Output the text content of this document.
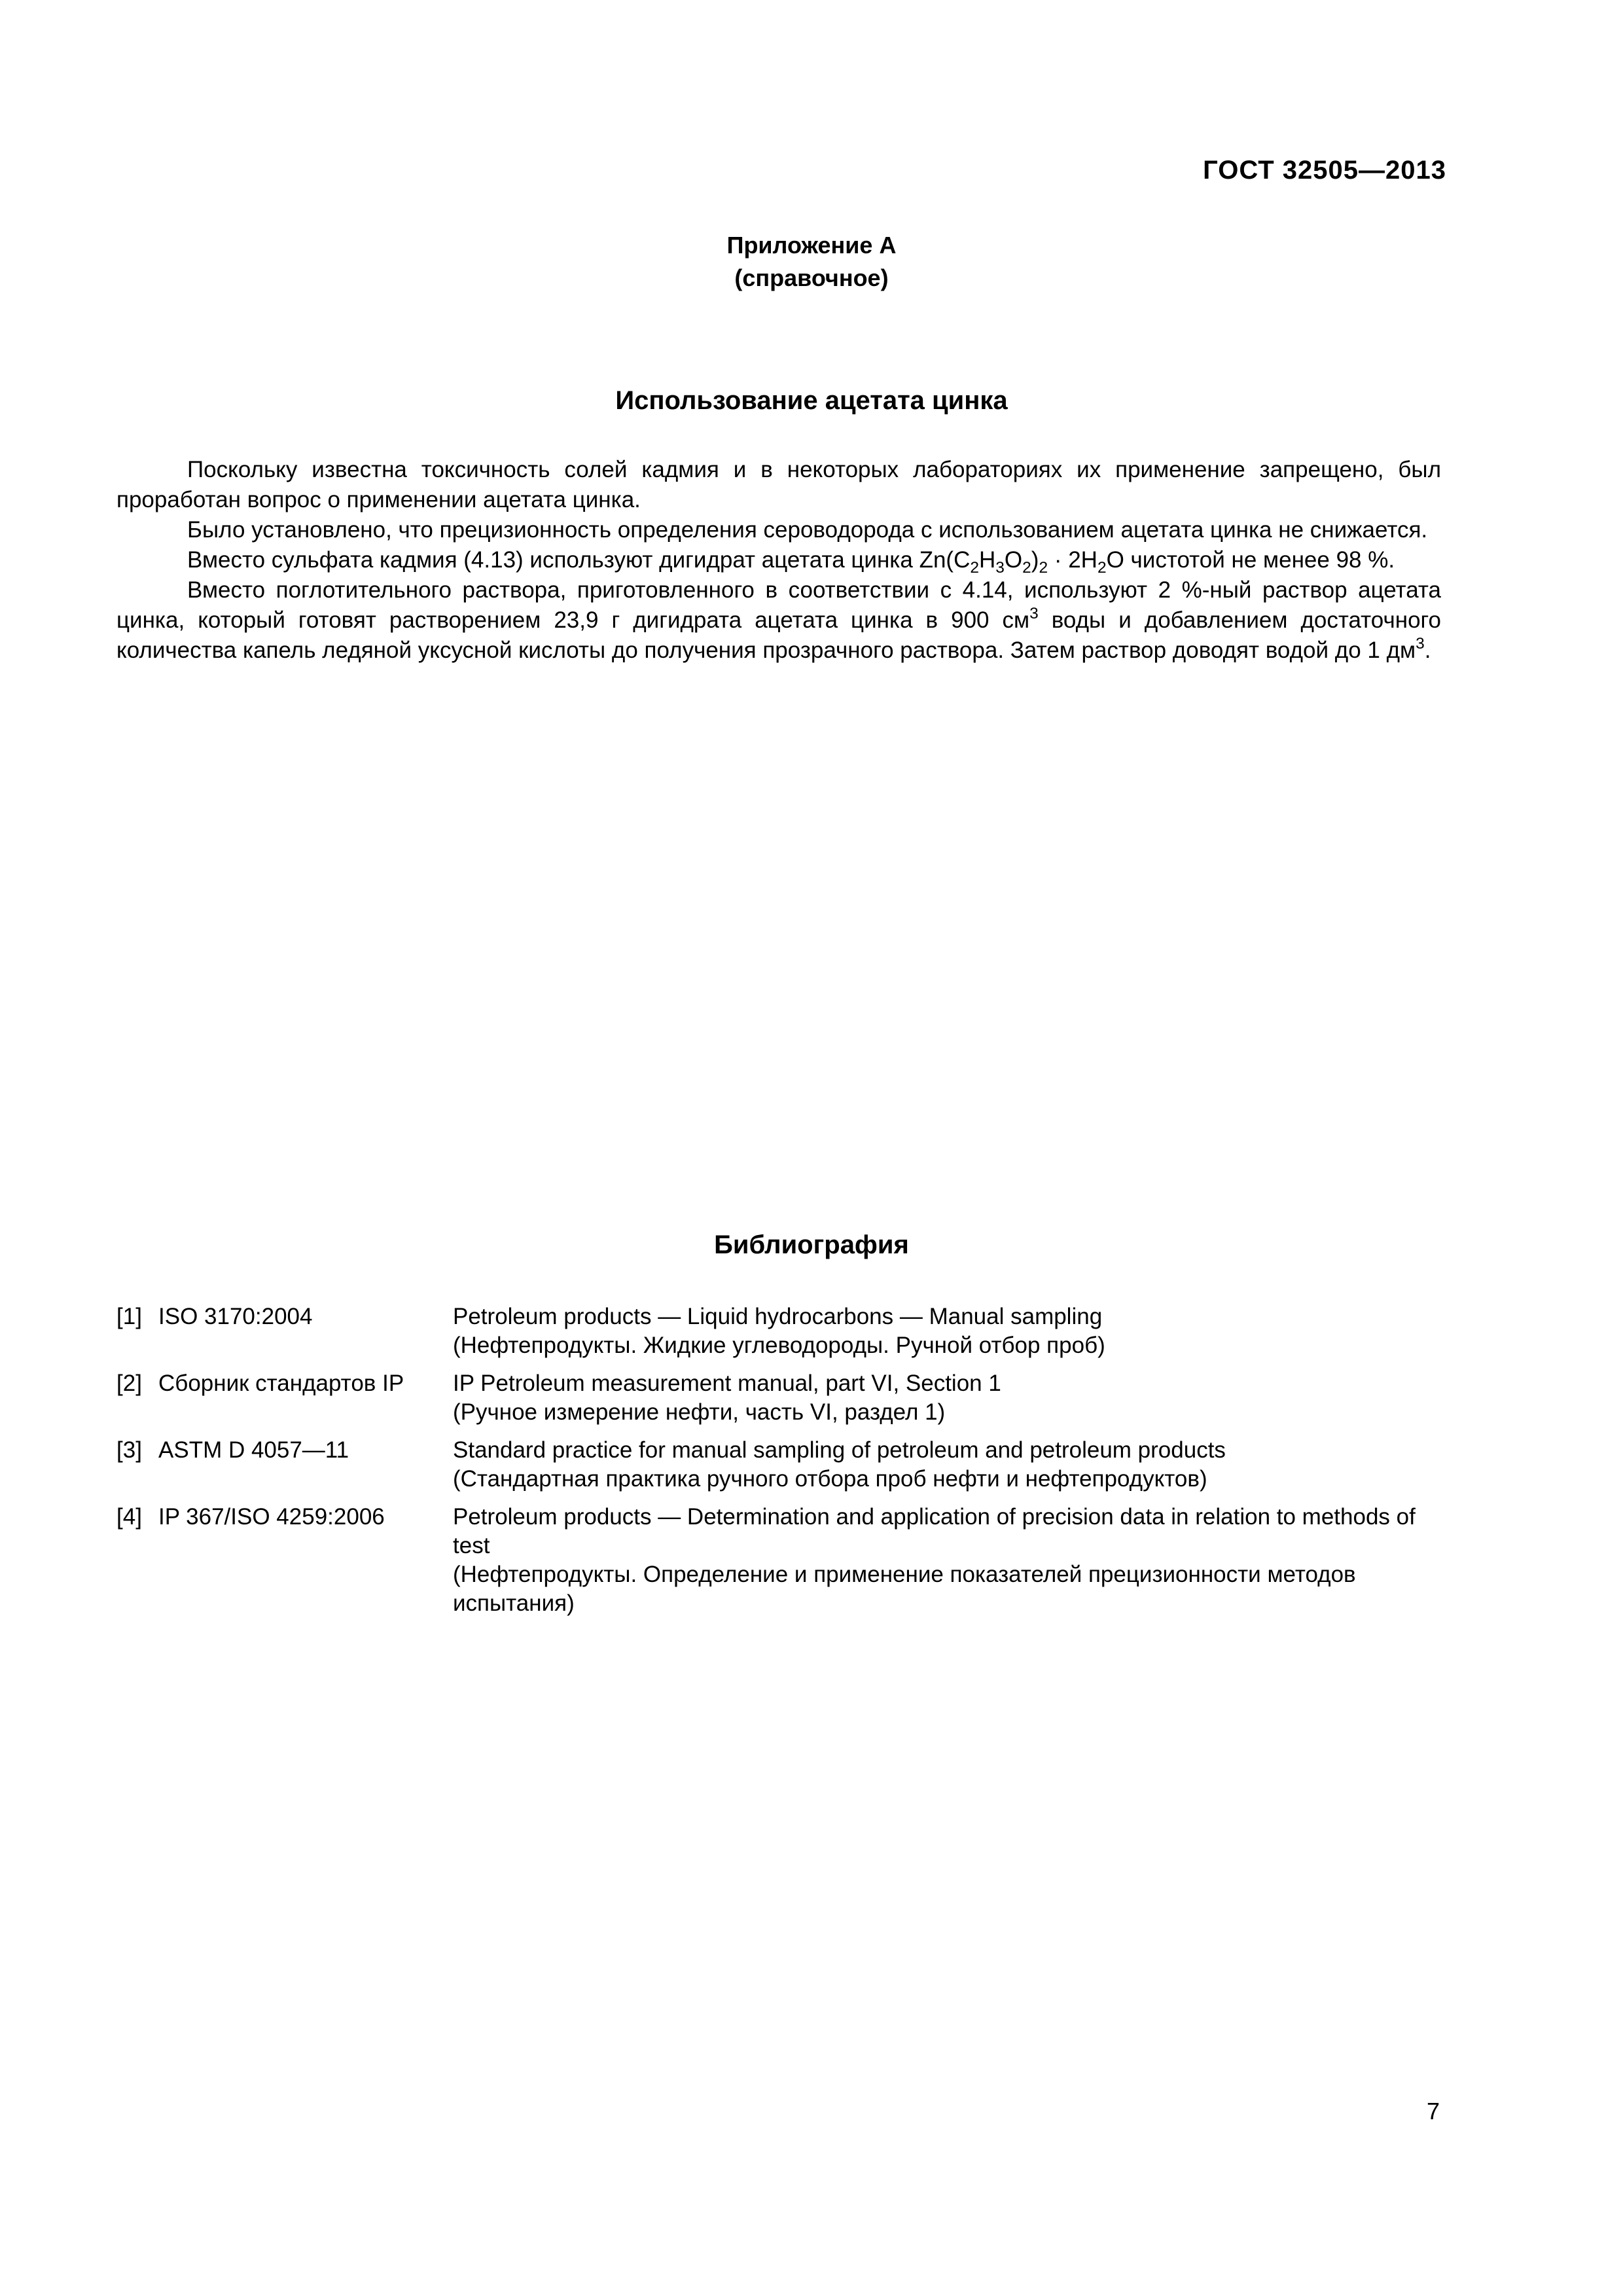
ГОСТ 32505—2013
Приложение А
(справочное)
Использование ацетата цинка

Поскольку известна токсичность солей кадмия и в некоторых лабораториях их применение запрещено, был проработан вопрос о применении ацетата цинка.

Было установлено, что прецизионность определения сероводорода с использованием ацетата цинка не снижается.

Вместо сульфата кадмия (4.13) используют дигидрат ацетата цинка $Zn(C_2H_3O_2)_2 \cdot 2H_2O$ чистотой не менее 98 %.

Вместо поглотительного раствора, приготовленного в соответствии с 4.14, используют 2 %-ный раствор ацетата цинка, который готовят растворением 23,9 г дигидрата ацетата цинка в 900 $см^3$ воды и добавлением достаточного количества капель ледяной уксусной кислоты до получения прозрачного раствора. Затем раствор доводят водой до 1 $дм^3$.

Библиография
[1] ISO 3170:2004	Petroleum products — Liquid hydrocarbons — Manual sampling
(Нефтепродукты. Жидкие углеводороды. Ручной отбор проб)
[2] Сборник стандартов IP	IP Petroleum measurement manual, part VI, Section 1
(Ручное измерение нефти, часть VI, раздел 1)
[3] ASTM D 4057—11	Standard practice for manual sampling of petroleum and petroleum products
(Стандартная практика ручного отбора проб нефти и нефтепродуктов)
[4] IP 367/ISO 4259:2006	Petroleum products — Determination and application of precision data in relation to methods of test
(Нефтепродукты. Определение и применение показателей прецизионности методов испытания)
7
